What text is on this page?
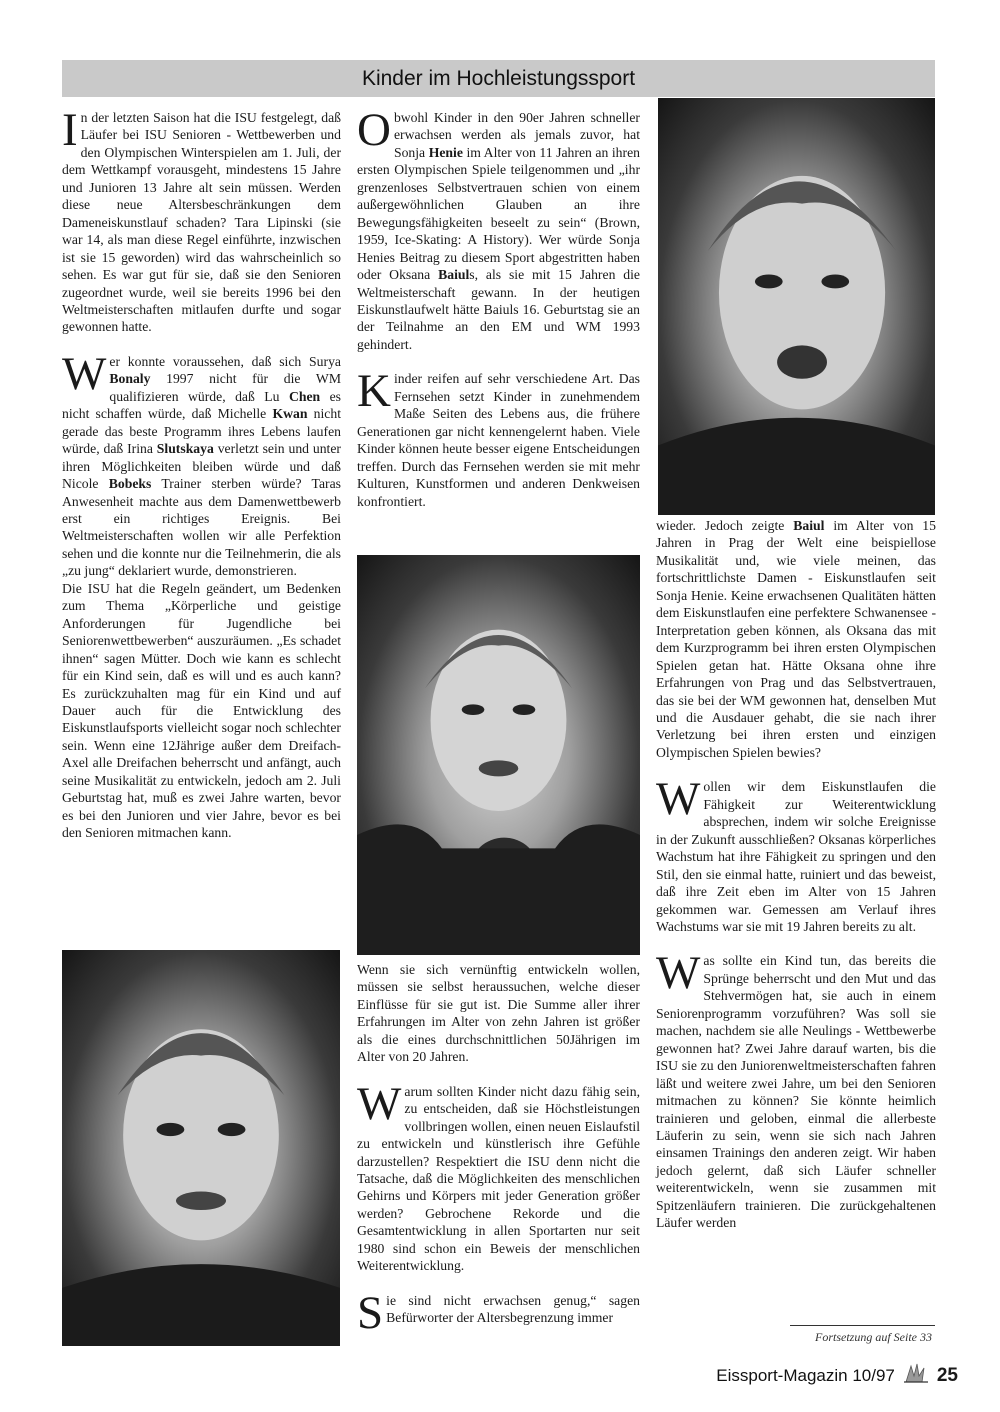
Kinder im Hochleistungssport

In der letzten Saison hat die ISU festgelegt, daß Läufer bei ISU Senioren - Wettbewerben und den Olympischen Winterspielen am 1. Juli, der dem Wettkampf vorausgeht, mindestens 15 Jahre und Junioren 13 Jahre alt sein müssen. Werden diese neue Altersbeschränkungen dem Dameneiskunstlauf schaden? Tara Lipinski (sie war 14, als man diese Regel einführte, inzwischen ist sie 15 geworden) wird das wahrscheinlich so sehen. Es war gut für sie, daß sie den Senioren zugeordnet wurde, weil sie bereits 1996 bei den Weltmeisterschaften mitlaufen durfte und sogar gewonnen hatte.

Wer konnte voraussehen, daß sich Surya Bonaly 1997 nicht für die WM qualifizieren würde, daß Lu Chen es nicht schaffen würde, daß Michelle Kwan nicht gerade das beste Programm ihres Lebens laufen würde, daß Irina Slutskaya verletzt sein und unter ihren Möglichkeiten bleiben würde und daß Nicole Bobeks Trainer sterben würde? Taras Anwesenheit machte aus dem Damenwettbewerb erst ein richtiges Ereignis. Bei Weltmeisterschaften wollen wir alle Perfektion sehen und die konnte nur die Teilnehmerin, die als „zu jung“ deklariert wurde, demonstrieren.

Die ISU hat die Regeln geändert, um Bedenken zum Thema „Körperliche und geistige Anforderungen für Jugendliche bei Seniorenwettbewerben“ auszuräumen. „Es schadet ihnen“ sagen Mütter. Doch wie kann es schlecht für ein Kind sein, daß es will und es auch kann? Es zurückzuhalten mag für ein Kind und auf Dauer auch für die Entwicklung des Eiskunstlaufsports vielleicht sogar noch schlechter sein. Wenn eine 12Jährige außer dem Dreifach-Axel alle Dreifachen beherrscht und anfängt, auch seine Musikalität zu entwickeln, jedoch am 2. Juli Geburtstag hat, muß es zwei Jahre warten, bevor es bei den Junioren und vier Jahre, bevor es bei den Senioren mitmachen kann.

Obwohl Kinder in den 90er Jahren schneller erwachsen werden als jemals zuvor, hat Sonja Henie im Alter von 11 Jahren an ihren ersten Olympischen Spiele teilgenommen und „ihr grenzenloses Selbstvertrauen schien von einem außergewöhnlichen Glauben an ihre Bewegungsfähigkeiten beseelt zu sein“ (Brown, 1959, Ice-Skating: A History). Wer würde Sonja Henies Beitrag zu diesem Sport abgestritten haben oder Oksana Baiuls, als sie mit 15 Jahren die Weltmeisterschaft gewann. In der heutigen Eiskunstlaufwelt hätte Baiuls 16. Geburtstag sie an der Teilnahme an den EM und WM 1993 gehindert.

Kinder reifen auf sehr verschiedene Art. Das Fernsehen setzt Kinder in zunehmendem Maße Seiten des Lebens aus, die frühere Generationen gar nicht kennengelernt haben. Viele Kinder können heute besser eigene Entscheidungen treffen. Durch das Fernsehen werden sie mit mehr Kulturen, Kunstformen und anderen Denkweisen konfrontiert.

Wenn sie sich vernünftig entwickeln wollen, müssen sie selbst heraussuchen, welche dieser Einflüsse für sie gut ist. Die Summe aller ihrer Erfahrungen im Alter von zehn Jahren ist größer als die eines durchschnittlichen 50Jährigen im Alter von 20 Jahren.

Warum sollten Kinder nicht dazu fähig sein, zu entscheiden, daß sie Höchstleistungen vollbringen wollen, einen neuen Eislaufstil zu entwickeln und künstlerisch ihre Gefühle darzustellen? Respektiert die ISU denn nicht die Tatsache, daß die Möglichkeiten des menschlichen Gehirns und Körpers mit jeder Generation größer werden? Gebrochene Rekorde und die Gesamtentwicklung in allen Sportarten nur seit 1980 sind schon ein Beweis der menschlichen Weiterentwicklung.

Sie sind nicht erwachsen genug,“ sagen Befürworter der Altersbegrenzung immer

wieder. Jedoch zeigte Baiul im Alter von 15 Jahren in Prag der Welt eine beispiellose Musikalität und, wie viele meinen, das fortschrittlichste Damen - Eiskunstlaufen seit Sonja Henie. Keine erwachsenen Qualitäten hätten dem Eiskunstlaufen eine perfektere Schwanensee - Interpretation geben können, als Oksana das mit dem Kurzprogramm bei ihren ersten Olympischen Spielen getan hat. Hätte Oksana ohne ihre Erfahrungen von Prag und das Selbstvertrauen, das sie bei der WM gewonnen hat, denselben Mut und die Ausdauer gehabt, die sie nach ihrer Verletzung bei ihren ersten und einzigen Olympischen Spielen bewies?

Wollen wir dem Eiskunstlaufen die Fähigkeit zur Weiterentwicklung absprechen, indem wir solche Ereignisse in der Zukunft ausschließen? Oksanas körperliches Wachstum hat ihre Fähigkeit zu springen und den Stil, den sie einmal hatte, ruiniert und das beweist, daß ihre Zeit eben im Alter von 15 Jahren gekommen war. Gemessen am Verlauf ihres Wachstums war sie mit 19 Jahren bereits zu alt.

Was sollte ein Kind tun, das bereits die Sprünge beherrscht und den Mut und das Stehvermögen hat, sie auch in einem Seniorenprogramm vorzuführen? Was soll sie machen, nachdem sie alle Neulings - Wettbewerbe gewonnen hat? Zwei Jahre darauf warten, bis die ISU sie zu den Juniorenweltmeisterschaften fahren läßt und weitere zwei Jahre, um bei den Senioren mitmachen zu können? Sie könnte heimlich trainieren und geloben, einmal die allerbeste Läuferin zu sein, wenn sie sich nach Jahren einsamen Trainings den anderen zeigt. Wir haben jedoch gelernt, daß sich Läufer schneller weiterentwickeln, wenn sie zusammen mit Spitzenläufern trainieren. Die zurückgehaltenen Läufer werden

Fortsetzung auf Seite 33
Eissport-Magazin 10/97 25
